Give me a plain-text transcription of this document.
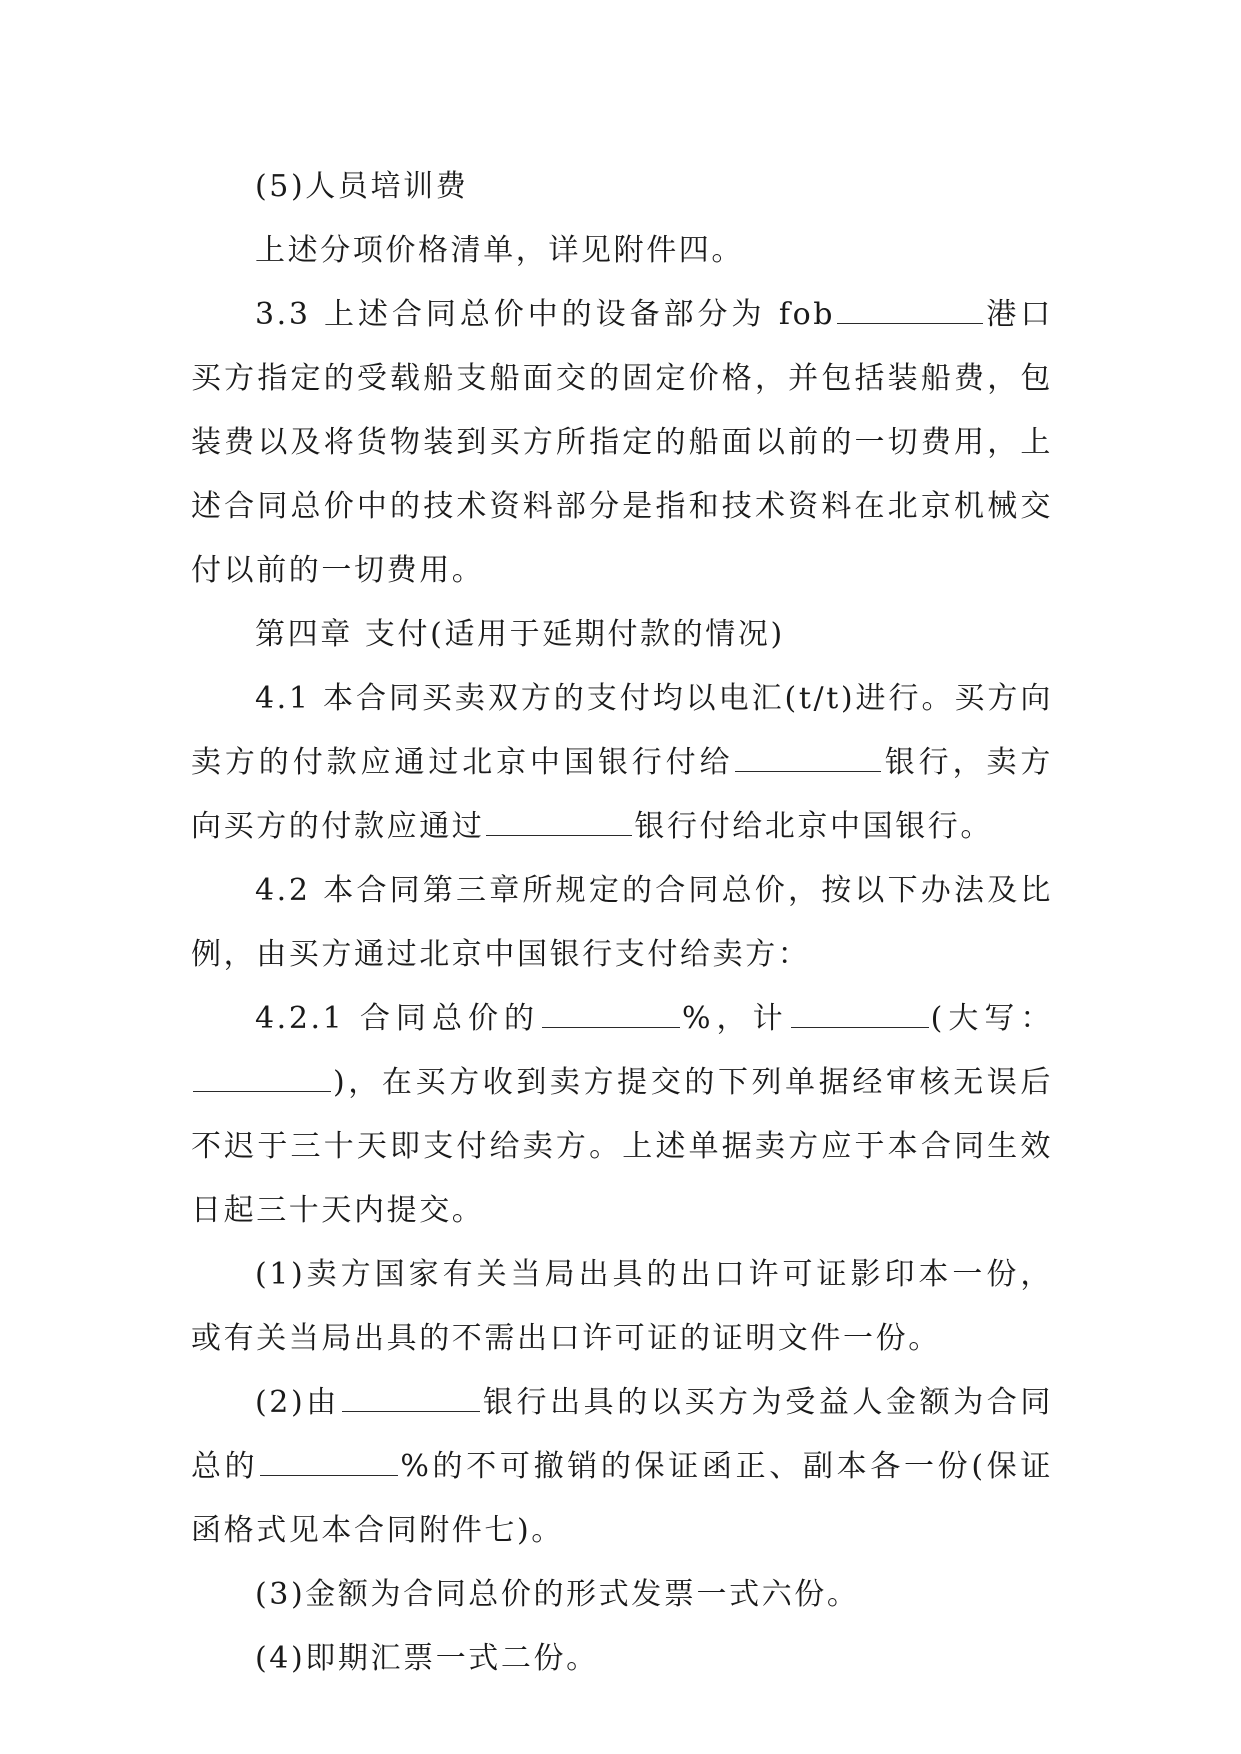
(5)人员培训费

上述分项价格清单，详见附件四。

3.3 上述合同总价中的设备部分为 fob	港口买方指定的受载船支船面交的固定价格，并包括装船费，包装费以及将货物装到买方所指定的船面以前的一切费用，上述合同总价中的技术资料部分是指和技术资料在北京机械交付以前的一切费用。

第四章 支付(适用于延期付款的情况)

4.1 本合同买卖双方的支付均以电汇(t/t)进行。买方向卖方的付款应通过北京中国银行付给	银行，卖方向买方的付款应通过	银行付给北京中国银行。

4.2 本合同第三章所规定的合同总价，按以下办法及比例，由买方通过北京中国银行支付给卖方：

4.2.1 合同总价的	%，计	(大写：)，在买方收到卖方提交的下列单据经审核无误后不迟于三十天即支付给卖方。上述单据卖方应于本合同生效日起三十天内提交。

(1)卖方国家有关当局出具的出口许可证影印本一份，或有关当局出具的不需出口许可证的证明文件一份。

(2)由	银行出具的以买方为受益人金额为合同总的	%的不可撤销的保证函正、副本各一份(保证函格式见本合同附件七)。

(3)金额为合同总价的形式发票一式六份。

(4)即期汇票一式二份。
